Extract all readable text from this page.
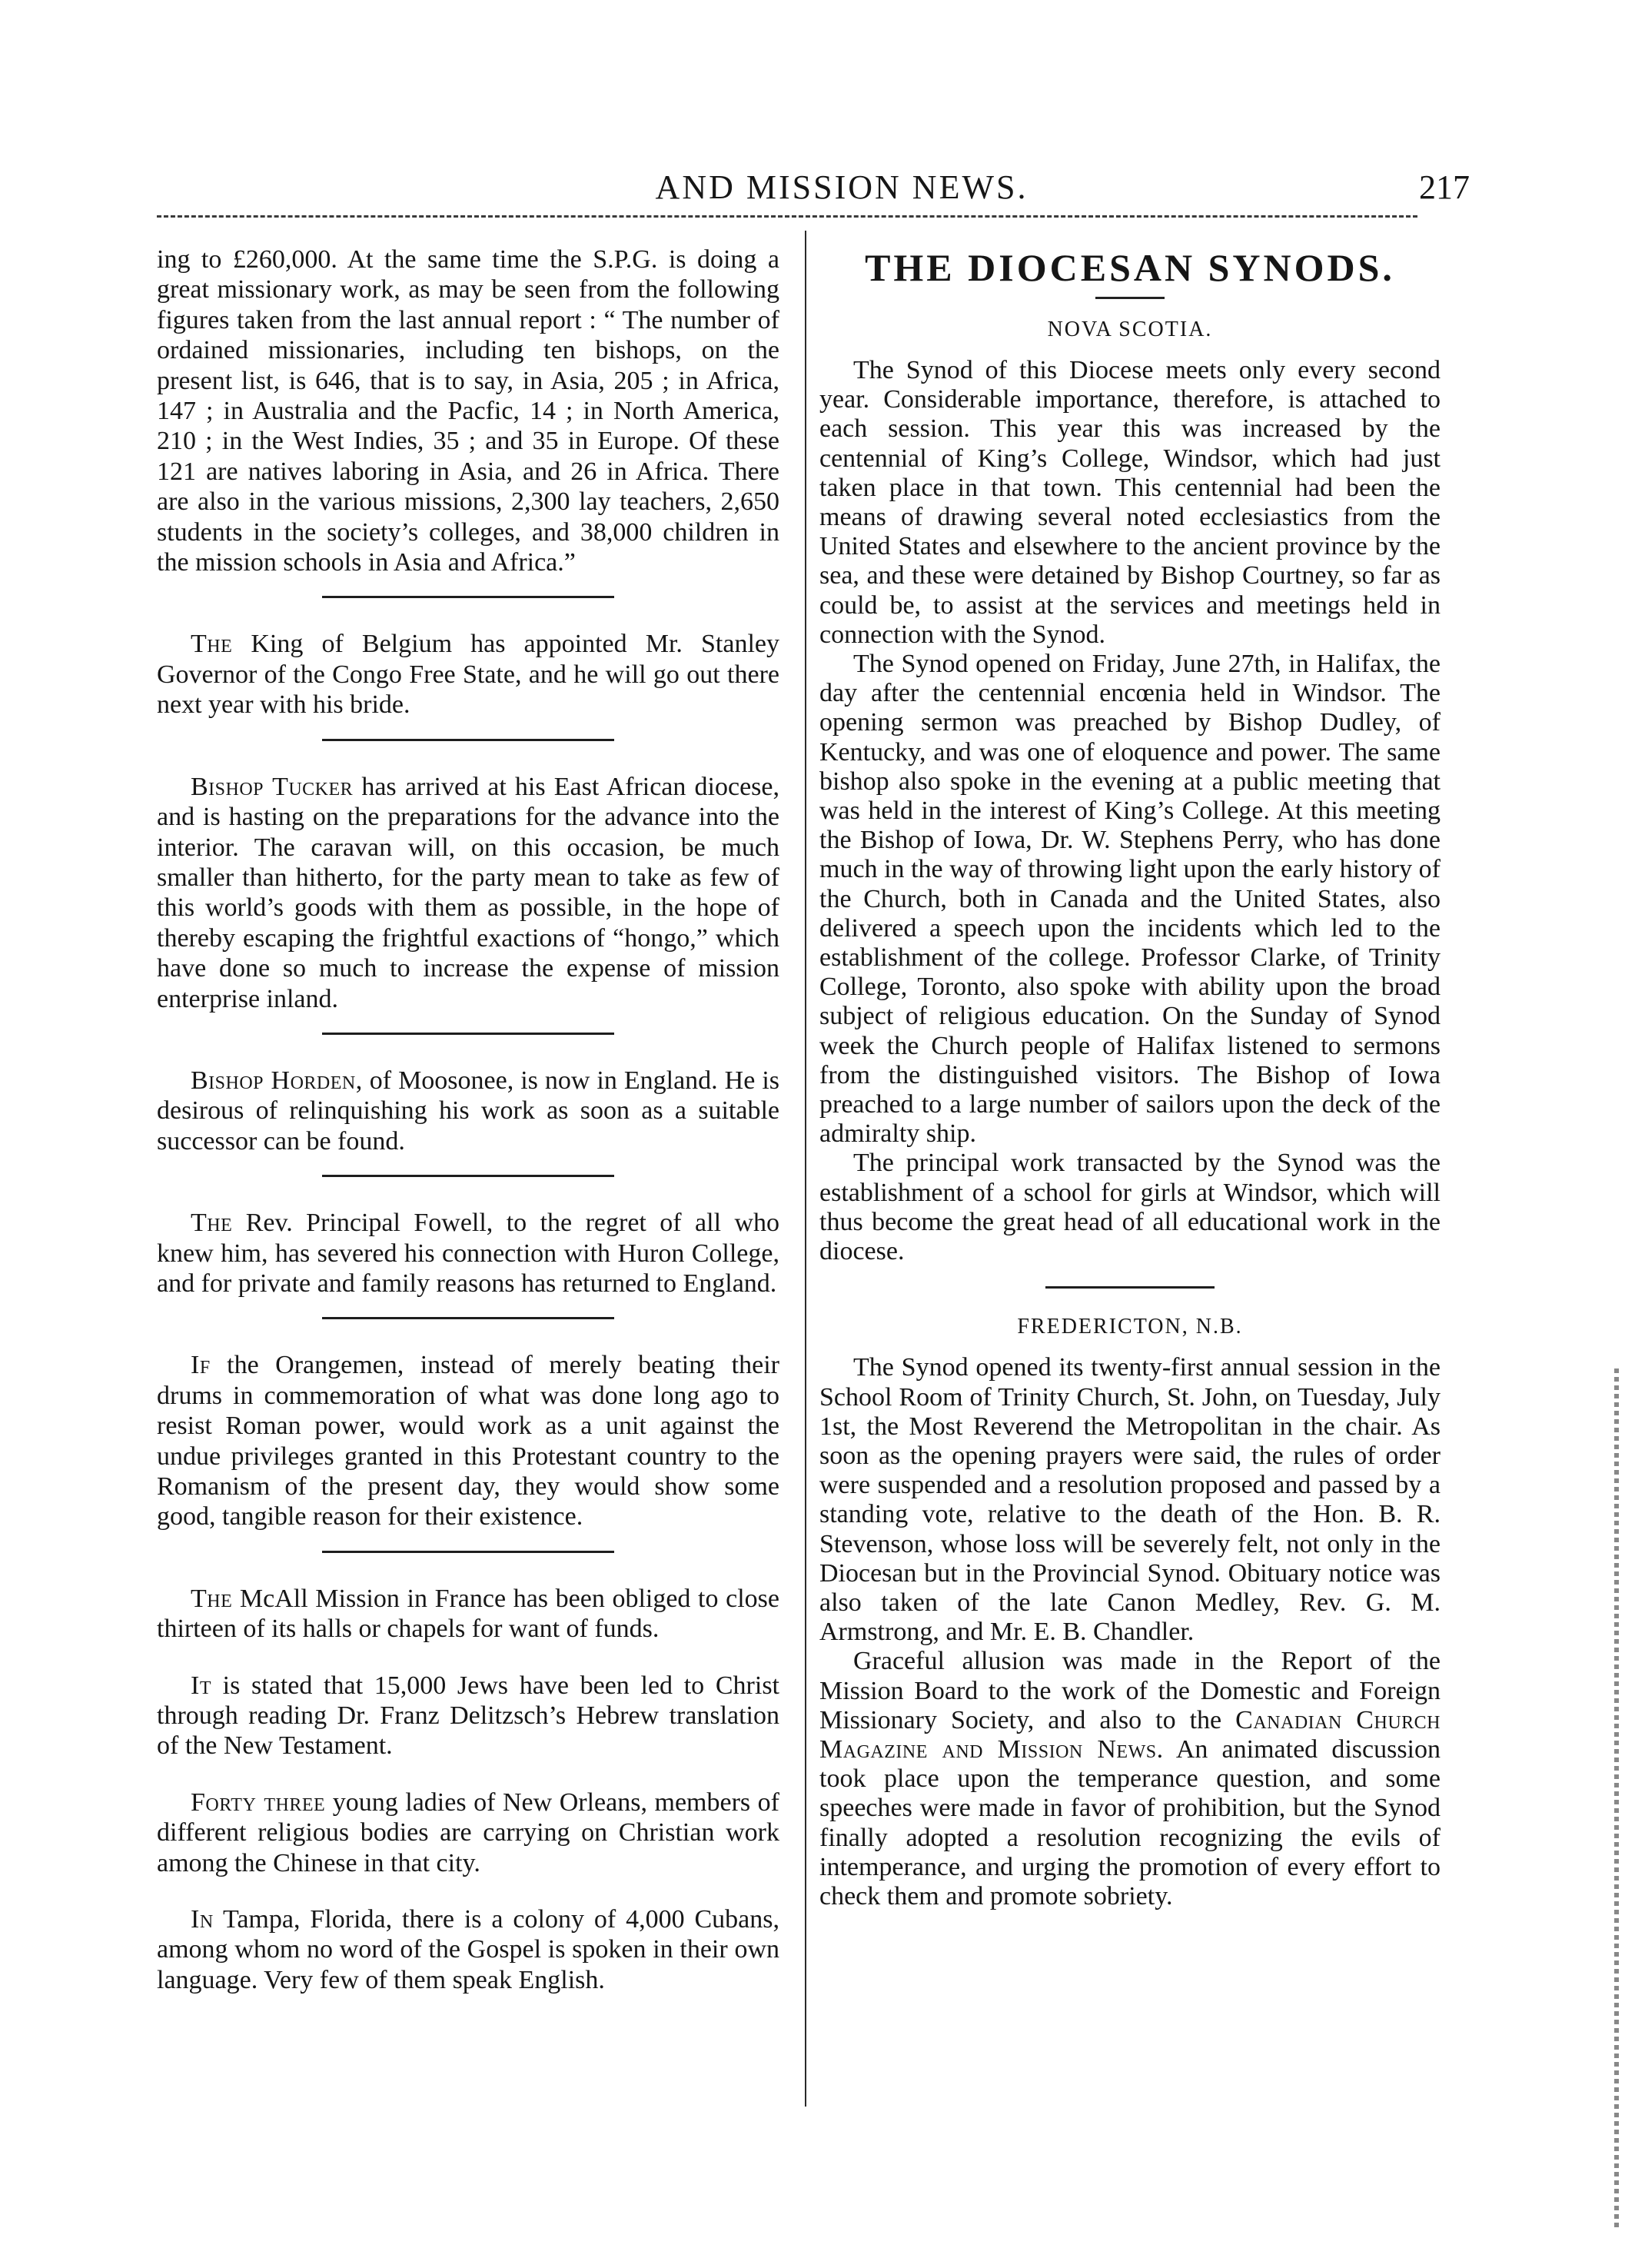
AND MISSION NEWS.	217

ing to £260,000. At the same time the S.P.G. is doing a great missionary work, as may be seen from the following figures taken from the last annual report : “ The number of ordained missionaries, including ten bishops, on the present list, is 646, that is to say, in Asia, 205 ; in Africa, 147 ; in Australia and the Pacfic, 14 ; in North America, 210 ; in the West Indies, 35 ; and 35 in Europe. Of these 121 are natives laboring in Asia, and 26 in Africa. There are also in the various missions, 2,300 lay teachers, 2,650 students in the society’s colleges, and 38,000 children in the mission schools in Asia and Africa.”

The King of Belgium has appointed Mr. Stanley Governor of the Congo Free State, and he will go out there next year with his bride.

Bishop Tucker has arrived at his East African diocese, and is hasting on the preparations for the advance into the interior. The caravan will, on this occasion, be much smaller than hitherto, for the party mean to take as few of this world’s goods with them as possible, in the hope of thereby escaping the frightful exactions of “hongo,” which have done so much to increase the expense of mission enterprise inland.

Bishop Horden, of Moosonee, is now in England. He is desirous of relinquishing his work as soon as a suitable successor can be found.

The Rev. Principal Fowell, to the regret of all who knew him, has severed his connection with Huron College, and for private and family reasons has returned to England.

If the Orangemen, instead of merely beating their drums in commemoration of what was done long ago to resist Roman power, would work as a unit against the undue privileges granted in this Protestant country to the Romanism of the present day, they would show some good, tangible reason for their existence.

The McAll Mission in France has been obliged to close thirteen of its halls or chapels for want of funds.

It is stated that 15,000 Jews have been led to Christ through reading Dr. Franz Delitzsch’s Hebrew translation of the New Testament.

Forty three young ladies of New Orleans, members of different religious bodies are carrying on Christian work among the Chinese in that city.

In Tampa, Florida, there is a colony of 4,000 Cubans, among whom no word of the Gospel is spoken in their own language. Very few of them speak English.

THE DIOCESAN SYNODS.
NOVA SCOTIA.

The Synod of this Diocese meets only every second year. Considerable importance, therefore, is attached to each session. This year this was increased by the centennial of King’s College, Windsor, which had just taken place in that town. This centennial had been the means of drawing several noted ecclesiastics from the United States and elsewhere to the ancient province by the sea, and these were detained by Bishop Courtney, so far as could be, to assist at the services and meetings held in connection with the Synod.

The Synod opened on Friday, June 27th, in Halifax, the day after the centennial encœnia held in Windsor. The opening sermon was preached by Bishop Dudley, of Kentucky, and was one of eloquence and power. The same bishop also spoke in the evening at a public meeting that was held in the interest of King’s College. At this meeting the Bishop of Iowa, Dr. W. Stephens Perry, who has done much in the way of throwing light upon the early history of the Church, both in Canada and the United States, also delivered a speech upon the incidents which led to the establishment of the college. Professor Clarke, of Trinity College, Toronto, also spoke with ability upon the broad subject of religious education. On the Sunday of Synod week the Church people of Halifax listened to sermons from the distinguished visitors. The Bishop of Iowa preached to a large number of sailors upon the deck of the admiralty ship.

The principal work transacted by the Synod was the establishment of a school for girls at Windsor, which will thus become the great head of all educational work in the diocese.

FREDERICTON, N.B.

The Synod opened its twenty-first annual session in the School Room of Trinity Church, St. John, on Tuesday, July 1st, the Most Reverend the Metropolitan in the chair. As soon as the opening prayers were said, the rules of order were suspended and a resolution proposed and passed by a standing vote, relative to the death of the Hon. B. R. Stevenson, whose loss will be severely felt, not only in the Diocesan but in the Provincial Synod. Obituary notice was also taken of the late Canon Medley, Rev. G. M. Armstrong, and Mr. E. B. Chandler.

Graceful allusion was made in the Report of the Mission Board to the work of the Domestic and Foreign Missionary Society, and also to the Canadian Church Magazine and Mission News. An animated discussion took place upon the temperance question, and some speeches were made in favor of prohibition, but the Synod finally adopted a resolution recognizing the evils of intemperance, and urging the promotion of every effort to check them and promote sobriety.
